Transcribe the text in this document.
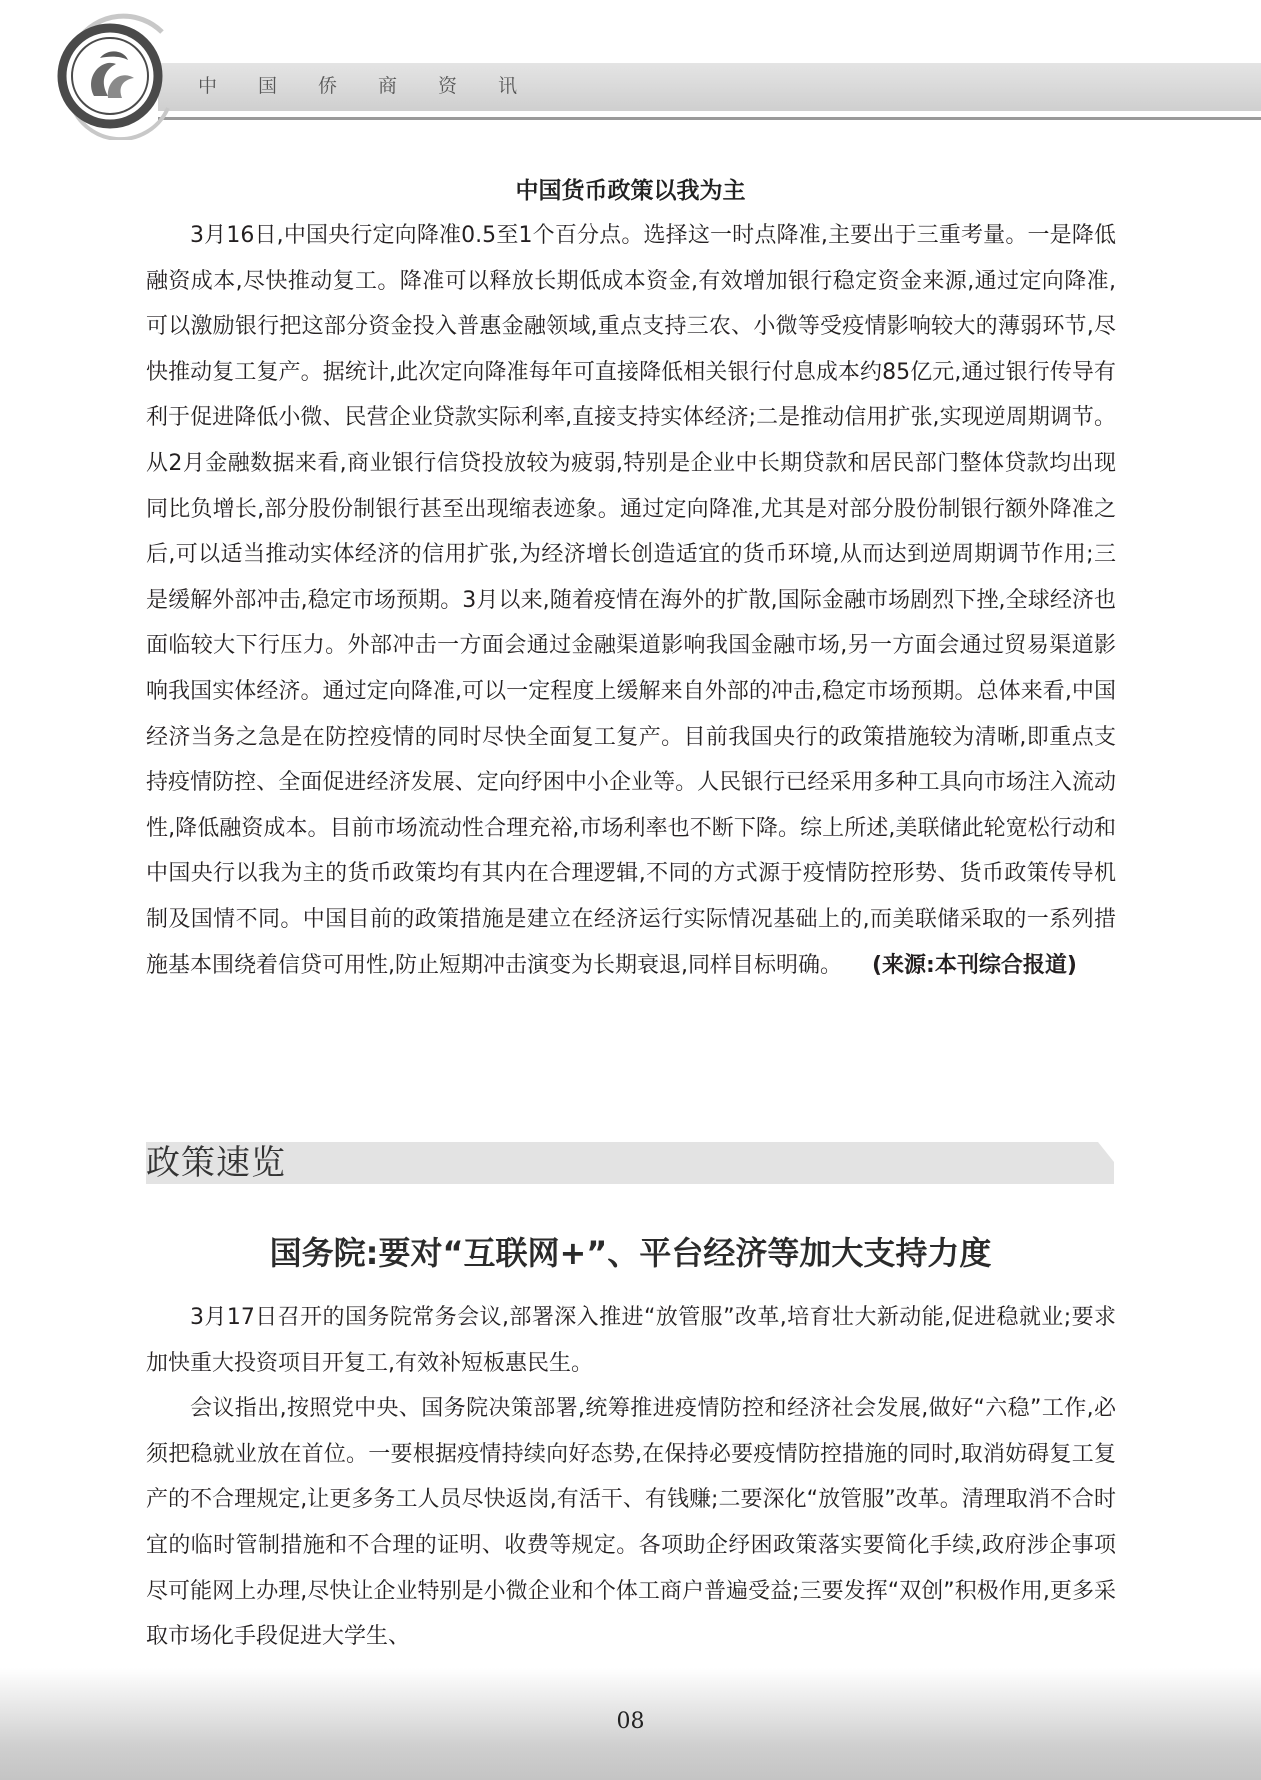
中国侨商资讯
中国货币政策以我为主

3月16日,中国央行定向降准0.5至1个百分点。选择这一时点降准,主要出于三重考量。一是降低融资成本,尽快推动复工。降准可以释放长期低成本资金,有效增加银行稳定资金来源,通过定向降准,可以激励银行把这部分资金投入普惠金融领域,重点支持三农、小微等受疫情影响较大的薄弱环节,尽快推动复工复产。据统计,此次定向降准每年可直接降低相关银行付息成本约85亿元,通过银行传导有利于促进降低小微、民营企业贷款实际利率,直接支持实体经济;二是推动信用扩张,实现逆周期调节。从2月金融数据来看,商业银行信贷投放较为疲弱,特别是企业中长期贷款和居民部门整体贷款均出现同比负增长,部分股份制银行甚至出现缩表迹象。通过定向降准,尤其是对部分股份制银行额外降准之后,可以适当推动实体经济的信用扩张,为经济增长创造适宜的货币环境,从而达到逆周期调节作用;三是缓解外部冲击,稳定市场预期。3月以来,随着疫情在海外的扩散,国际金融市场剧烈下挫,全球经济也面临较大下行压力。外部冲击一方面会通过金融渠道影响我国金融市场,另一方面会通过贸易渠道影响我国实体经济。通过定向降准,可以一定程度上缓解来自外部的冲击,稳定市场预期。总体来看,中国经济当务之急是在防控疫情的同时尽快全面复工复产。目前我国央行的政策措施较为清晰,即重点支持疫情防控、全面促进经济发展、定向纾困中小企业等。人民银行已经采用多种工具向市场注入流动性,降低融资成本。目前市场流动性合理充裕,市场利率也不断下降。综上所述,美联储此轮宽松行动和中国央行以我为主的货币政策均有其内在合理逻辑,不同的方式源于疫情防控形势、货币政策传导机制及国情不同。中国目前的政策措施是建立在经济运行实际情况基础上的,而美联储采取的一系列措施基本围绕着信贷可用性,防止短期冲击演变为长期衰退,同样目标明确。 (来源:本刊综合报道)

政策速览
国务院:要对“互联网+”、平台经济等加大支持力度

3月17日召开的国务院常务会议,部署深入推进“放管服”改革,培育壮大新动能,促进稳就业;要求加快重大投资项目开复工,有效补短板惠民生。

会议指出,按照党中央、国务院决策部署,统筹推进疫情防控和经济社会发展,做好“六稳”工作,必须把稳就业放在首位。一要根据疫情持续向好态势,在保持必要疫情防控措施的同时,取消妨碍复工复产的不合理规定,让更多务工人员尽快返岗,有活干、有钱赚;二要深化“放管服”改革。清理取消不合时宜的临时管制措施和不合理的证明、收费等规定。各项助企纾困政策落实要简化手续,政府涉企事项尽可能网上办理,尽快让企业特别是小微企业和个体工商户普遍受益;三要发挥“双创”积极作用,更多采取市场化手段促进大学生、

08
